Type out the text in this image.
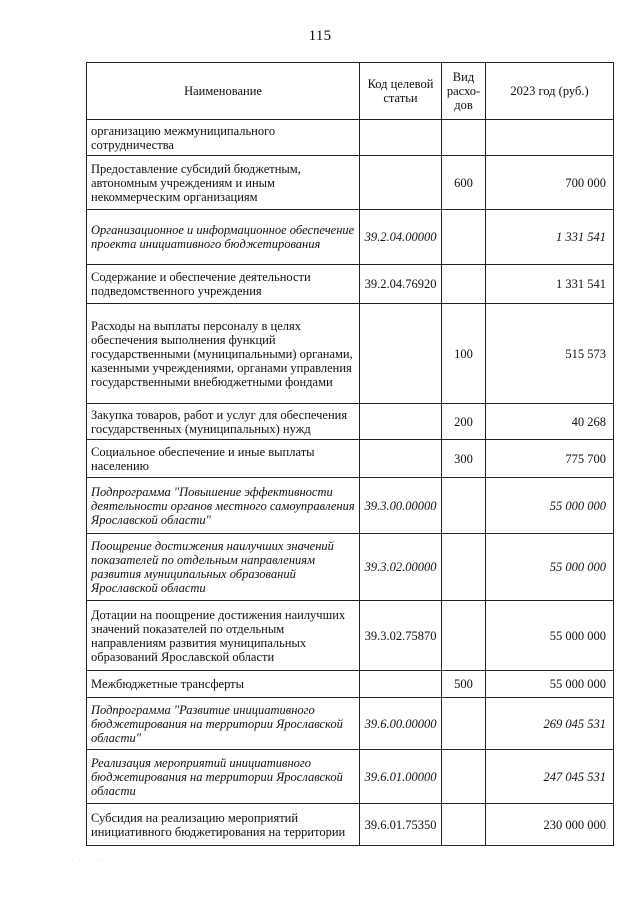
115
Наименование	Код целевой статьи	Вид расхо-дов	2023 год (руб.)
организацию межмуниципального сотрудничества			
Предоставление субсидий бюджетным, автономным учреждениям и иным некоммерческим организациям		600	700 000
Организационное и информационное обеспечение проекта инициативного бюджетирования	39.2.04.00000		1 331 541
Содержание и обеспечение деятельности подведомственного учреждения	39.2.04.76920		1 331 541
Расходы на выплаты персоналу в целях обеспечения выполнения функций государственными (муниципальными) органами, казенными учреждениями, органами управления государственными внебюджетными фондами		100	515 573
Закупка товаров, работ и услуг для обеспечения государственных (муниципальных) нужд		200	40 268
Социальное обеспечение и иные выплаты населению		300	775 700
Подпрограмма "Повышение эффективности деятельности органов местного самоуправления Ярославской области"	39.3.00.00000		55 000 000
Поощрение достижения наилучших значений показателей по отдельным направлениям развития муниципальных образований Ярославской области	39.3.02.00000		55 000 000
Дотации на поощрение достижения наилучших значений показателей по отдельным направлениям развития муниципальных образований Ярославской области	39.3.02.75870		55 000 000
Межбюджетные трансферты		500	55 000 000
Подпрограмма "Развитие инициативного бюджетирования на территории Ярославской области"	39.6.00.00000		269 045 531
Реализация мероприятий инициативного бюджетирования на территории Ярославской области	39.6.01.00000		247 045 531
Субсидия на реализацию мероприятий инициативного бюджетирования на территории	39.6.01.75350		230 000 000
· · ·   ··· ·
